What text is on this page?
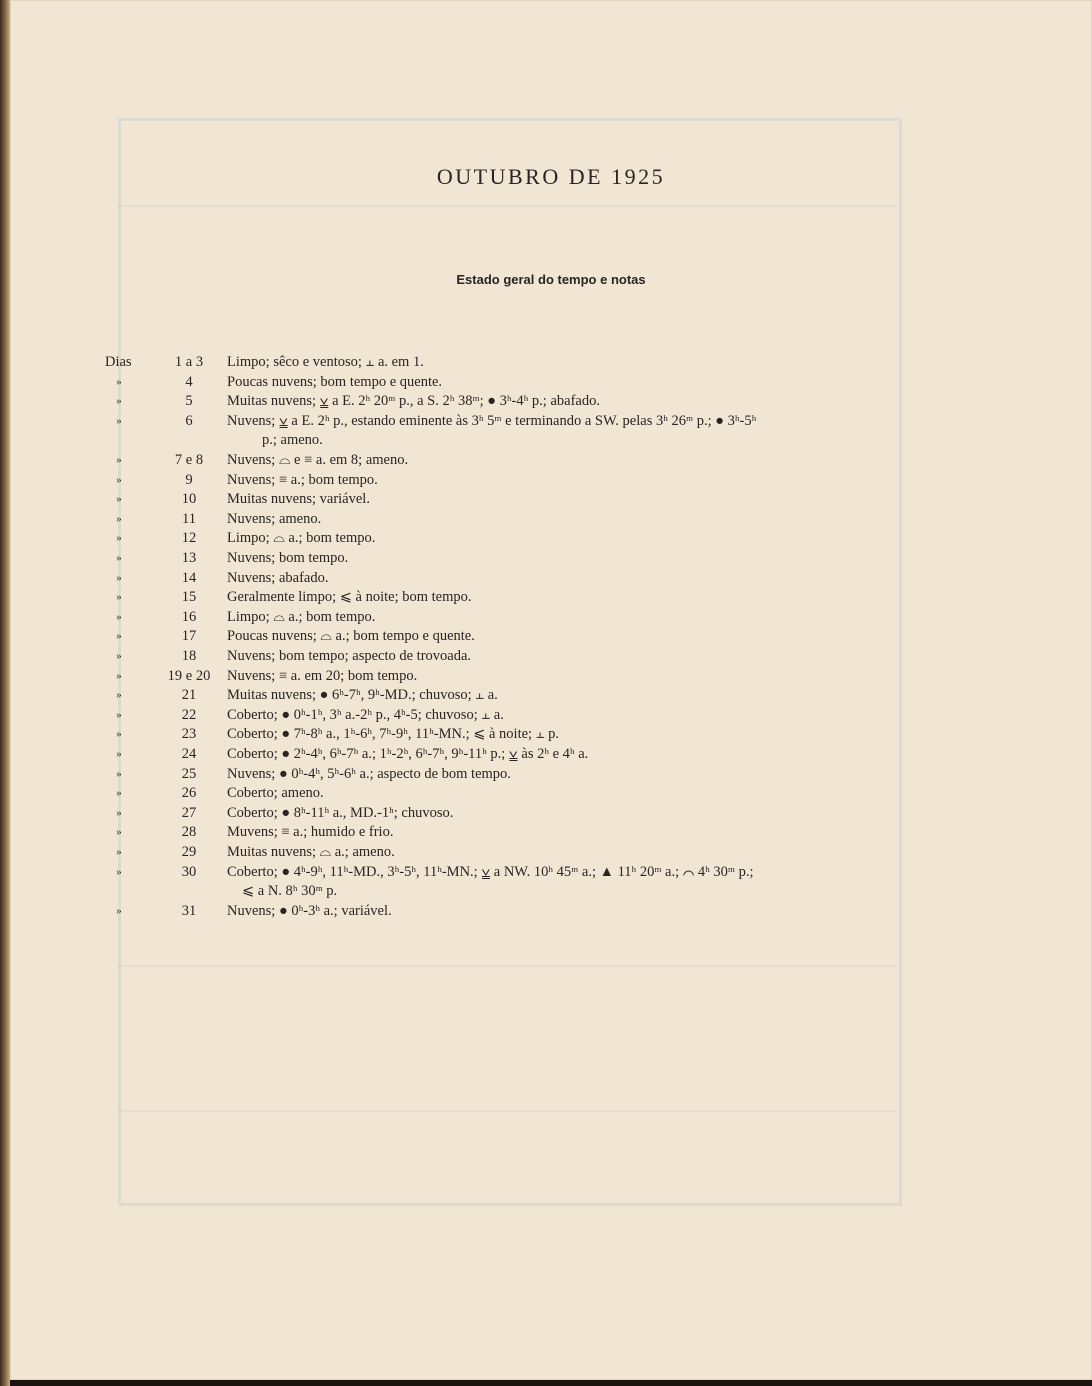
OUTUBRO DE 1925
Estado geral do tempo e notas
Dias	1 a 3	Limpo; sêco e ventoso; ⫠ a. em 1.
»	4	Poucas nuvens; bom tempo e quente.
»	5	Muitas nuvens; ⩣ a E. 2ʰ 20ᵐ p., a S. 2ʰ 38ᵐ; ● 3ʰ-4ʰ p.; abafado.
»	6	Nuvens; ⩣ a E. 2ʰ p., estando eminente às 3ʰ 5ᵐ e terminando a SW. pelas 3ʰ 26ᵐ p.; ● 3ʰ-5ʰ
p.; ameno.
»	7 e 8	Nuvens; ⌓ e ≡ a. em 8; ameno.
»	9	Nuvens; ≡ a.; bom tempo.
»	10	Muitas nuvens; variável.
»	11	Nuvens; ameno.
»	12	Limpo; ⌓ a.; bom tempo.
»	13	Nuvens; bom tempo.
»	14	Nuvens; abafado.
»	15	Geralmente limpo; ⩽ à noite; bom tempo.
»	16	Limpo; ⌓ a.; bom tempo.
»	17	Poucas nuvens; ⌓ a.; bom tempo e quente.
»	18	Nuvens; bom tempo; aspecto de trovoada.
»	19 e 20	Nuvens; ≡ a. em 20; bom tempo.
»	21	Muitas nuvens; ● 6ʰ-7ʰ, 9ʰ-MD.; chuvoso; ⫠ a.
»	22	Coberto; ● 0ʰ-1ʰ, 3ʰ a.-2ʰ p., 4ʰ-5; chuvoso; ⫠ a.
»	23	Coberto; ● 7ʰ-8ʰ a., 1ʰ-6ʰ, 7ʰ-9ʰ, 11ʰ-MN.; ⩽ à noite; ⫠ p.
»	24	Coberto; ● 2ʰ-4ʰ, 6ʰ-7ʰ a.; 1ʰ-2ʰ, 6ʰ-7ʰ, 9ʰ-11ʰ p.; ⩣ às 2ʰ e 4ʰ a.
»	25	Nuvens; ● 0ʰ-4ʰ, 5ʰ-6ʰ a.; aspecto de bom tempo.
»	26	Coberto; ameno.
»	27	Coberto; ● 8ʰ-11ʰ a., MD.-1ʰ; chuvoso.
»	28	Muvens; ≡ a.; humido e frio.
»	29	Muitas nuvens; ⌓ a.; ameno.
»	30	Coberto; ● 4ʰ-9ʰ, 11ʰ-MD., 3ʰ-5ʰ, 11ʰ-MN.; ⩣ a NW. 10ʰ 45ᵐ a.; ▲ 11ʰ 20ᵐ a.; ⌒ 4ʰ 30ᵐ p.;
⩽ a N. 8ʰ 30ᵐ p.
»	31	Nuvens; ● 0ʰ-3ʰ a.; variável.
